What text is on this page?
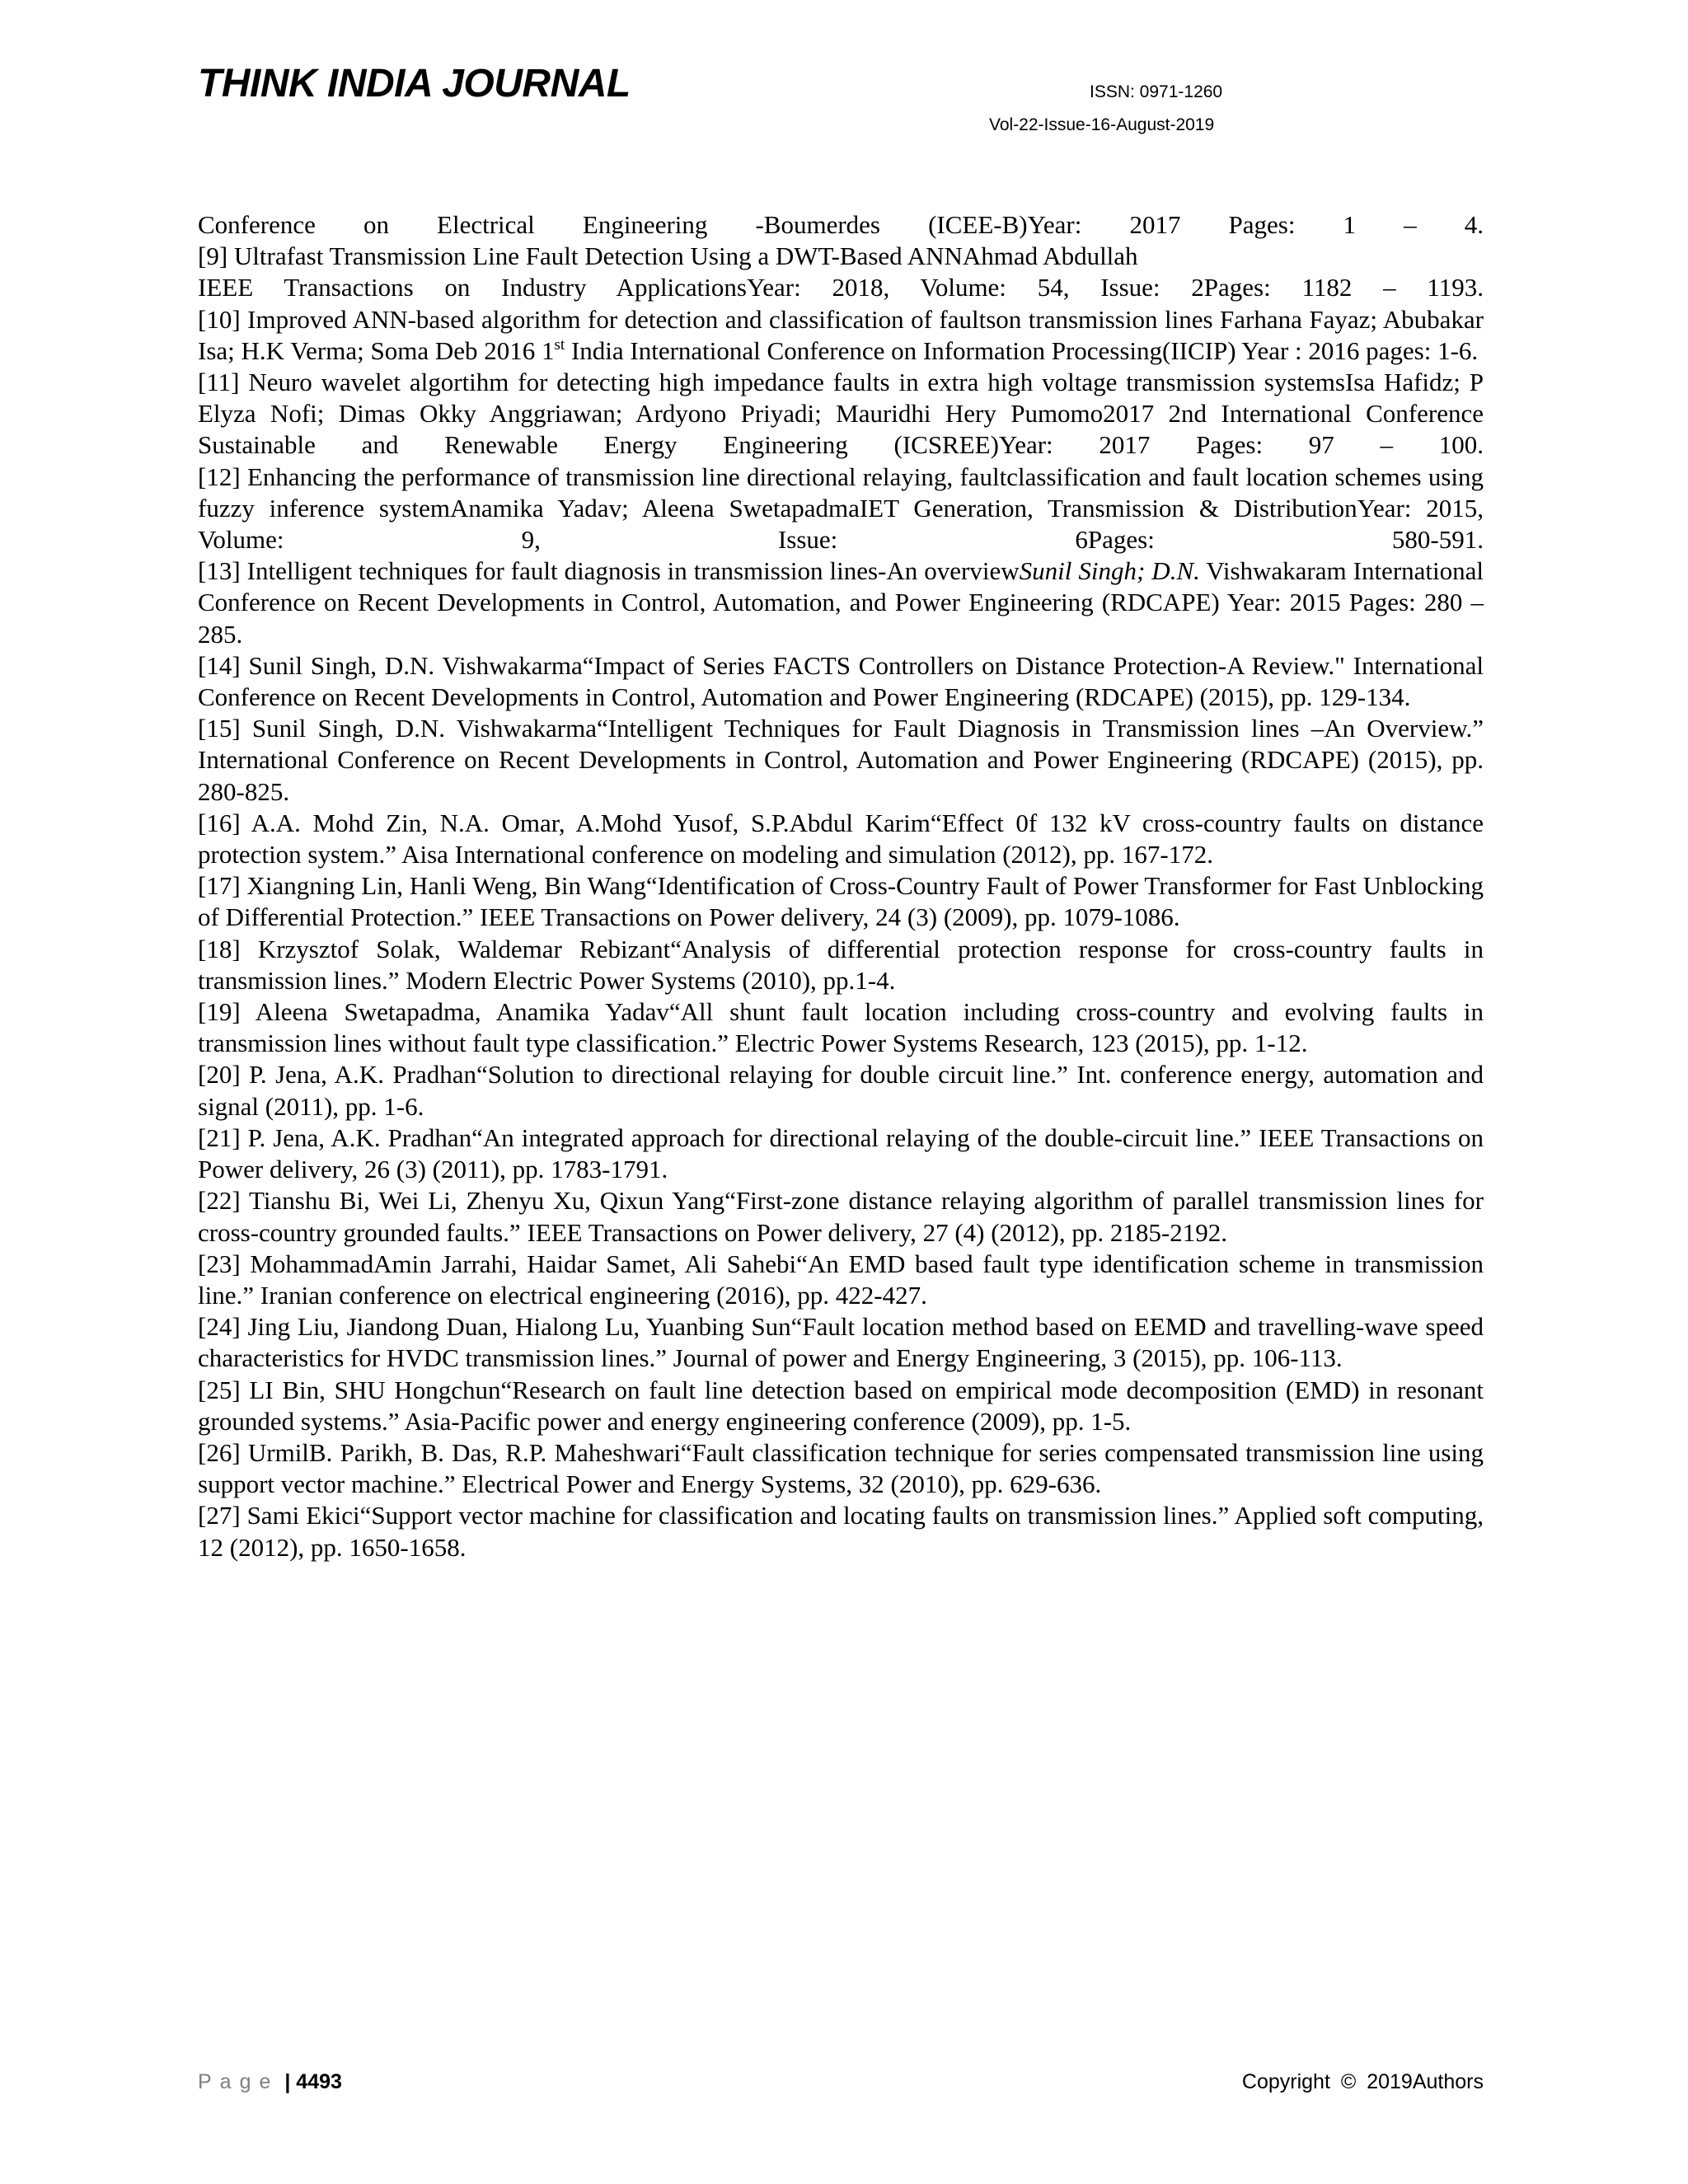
THINK INDIA JOURNAL	ISSN: 0971-1260
Vol-22-Issue-16-August-2019

Conference on Electrical Engineering -Boumerdes (ICEE-B)Year: 2017 Pages: 1 – 4.

[9] Ultrafast Transmission Line Fault Detection Using a DWT-Based ANNAhmad Abdullah

IEEE Transactions on Industry ApplicationsYear: 2018, Volume: 54, Issue: 2Pages: 1182 – 1193.

[10] Improved ANN-based algorithm for detection and classification of faultson transmission lines Farhana Fayaz; Abubakar Isa; H.K Verma; Soma Deb 2016 1st India International Conference on Information Processing(IICIP) Year : 2016 pages: 1-6.

[11] Neuro wavelet algortihm for detecting high impedance faults in extra high voltage transmission systemsIsa Hafidz; P Elyza Nofi; Dimas Okky Anggriawan; Ardyono Priyadi; Mauridhi Hery Pumomo2017 2nd International Conference Sustainable and Renewable Energy Engineering (ICSREE)Year: 2017 Pages: 97 – 100.

[12] Enhancing the performance of transmission line directional relaying, faultclassification and fault location schemes using fuzzy inference systemAnamika Yadav; Aleena SwetapadmaIET Generation, Transmission & DistributionYear: 2015, Volume: 9, Issue: 6Pages: 580-591.

[13] Intelligent techniques for fault diagnosis in transmission lines-An overviewSunil Singh; D.N. Vishwakaram International Conference on Recent Developments in Control, Automation, and Power Engineering (RDCAPE) Year: 2015 Pages: 280 – 285.

[14] Sunil Singh, D.N. Vishwakarma“Impact of Series FACTS Controllers on Distance Protection-A Review." International Conference on Recent Developments in Control, Automation and Power Engineering (RDCAPE) (2015), pp. 129-134.

[15] Sunil Singh, D.N. Vishwakarma“Intelligent Techniques for Fault Diagnosis in Transmission lines –An Overview.” International Conference on Recent Developments in Control, Automation and Power Engineering (RDCAPE) (2015), pp. 280-825.

[16] A.A. Mohd Zin, N.A. Omar, A.Mohd Yusof, S.P.Abdul Karim“Effect 0f 132 kV cross-country faults on distance protection system.” Aisa International conference on modeling and simulation (2012), pp. 167-172.

[17] Xiangning Lin, Hanli Weng, Bin Wang“Identification of Cross-Country Fault of Power Transformer for Fast Unblocking of Differential Protection.” IEEE Transactions on Power delivery, 24 (3) (2009), pp. 1079-1086.

[18] Krzysztof Solak, Waldemar Rebizant“Analysis of differential protection response for cross-country faults in transmission lines.” Modern Electric Power Systems (2010), pp.1-4.

[19] Aleena Swetapadma, Anamika Yadav“All shunt fault location including cross-country and evolving faults in transmission lines without fault type classification.” Electric Power Systems Research, 123 (2015), pp. 1-12.

[20] P. Jena, A.K. Pradhan“Solution to directional relaying for double circuit line.” Int. conference energy, automation and signal (2011), pp. 1-6.

[21] P. Jena, A.K. Pradhan“An integrated approach for directional relaying of the double-circuit line.” IEEE Transactions on Power delivery, 26 (3) (2011), pp. 1783-1791.

[22] Tianshu Bi, Wei Li, Zhenyu Xu, Qixun Yang“First-zone distance relaying algorithm of parallel transmission lines for cross-country grounded faults.” IEEE Transactions on Power delivery, 27 (4) (2012), pp. 2185-2192.

[23] MohammadAmin Jarrahi, Haidar Samet, Ali Sahebi“An EMD based fault type identification scheme in transmission line.” Iranian conference on electrical engineering (2016), pp. 422-427.

[24] Jing Liu, Jiandong Duan, Hialong Lu, Yuanbing Sun“Fault location method based on EEMD and travelling-wave speed characteristics for HVDC transmission lines.” Journal of power and Energy Engineering, 3 (2015), pp. 106-113.

[25] LI Bin, SHU Hongchun“Research on fault line detection based on empirical mode decomposition (EMD) in resonant grounded systems.” Asia-Pacific power and energy engineering conference (2009), pp. 1-5.

[26] UrmilB. Parikh, B. Das, R.P. Maheshwari“Fault classification technique for series compensated transmission line using support vector machine.” Electrical Power and Energy Systems, 32 (2010), pp. 629-636.

[27] Sami Ekici“Support vector machine for classification and locating faults on transmission lines.” Applied soft computing, 12 (2012), pp. 1650-1658.

Page | 4493	Copyright © 2019Authors
